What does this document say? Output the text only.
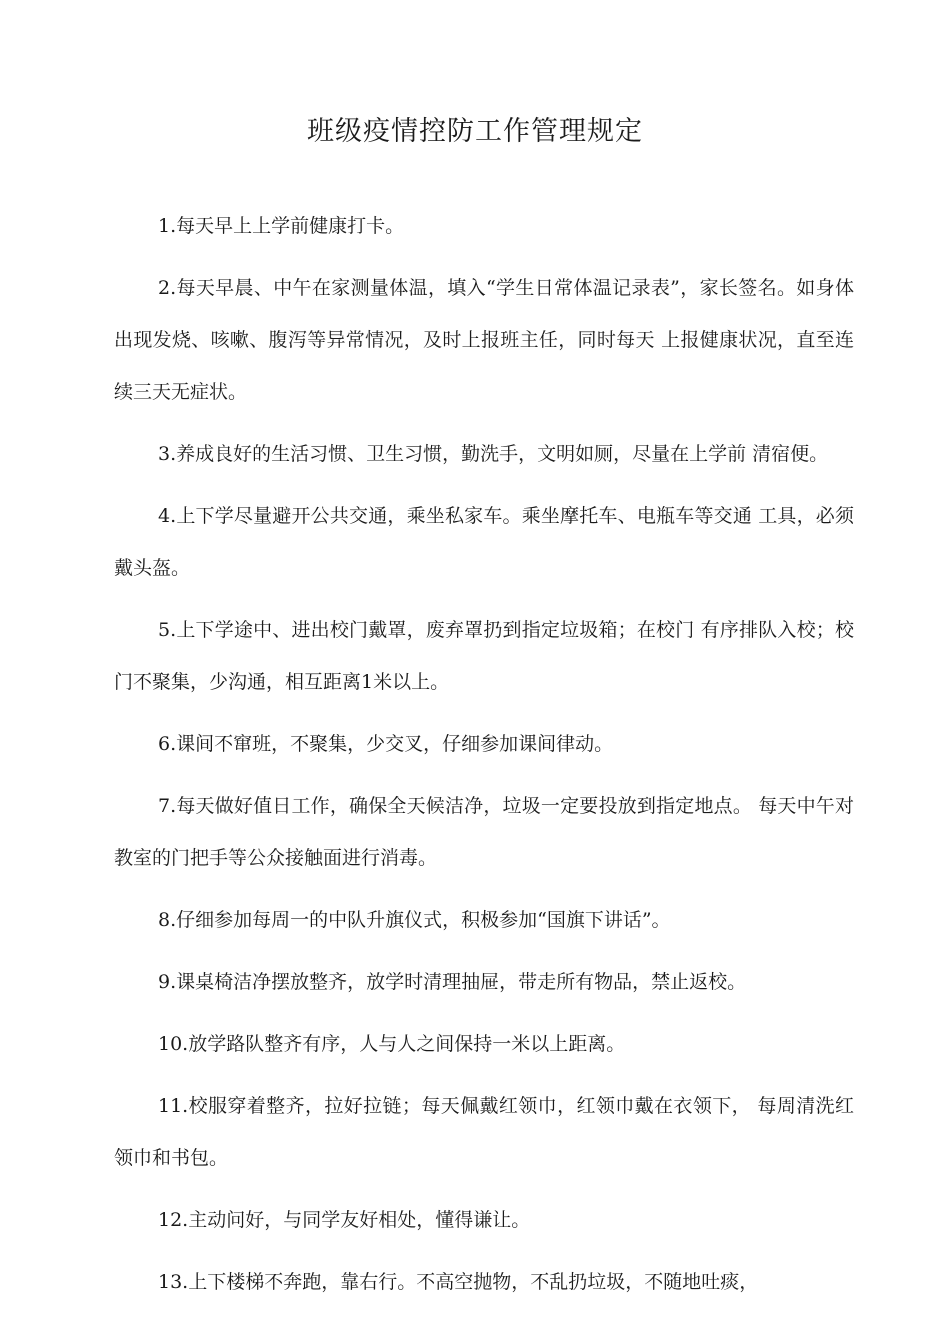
班级疫情控防工作管理规定

1.每天早上上学前健康打卡。

2.每天早晨、中午在家测量体温，填入“学生日常体温记录表”，家长签名。如身体出现发烧、咳嗽、腹泻等异常情况，及时上报班主任，同时每天 上报健康状况，直至连续三天无症状。

3.养成良好的生活习惯、卫生习惯，勤洗手，文明如厕，尽量在上学前 清宿便。

4.上下学尽量避开公共交通，乘坐私家车。乘坐摩托车、电瓶车等交通 工具，必须戴头盔。

5.上下学途中、进出校门戴罩，废弃罩扔到指定垃圾箱；在校门 有序排队入校；校门不聚集，少沟通，相互距离1米以上。

6.课间不窜班，不聚集，少交叉，仔细参加课间律动。

7.每天做好值日工作，确保全天候洁净，垃圾一定要投放到指定地点。 每天中午对教室的门把手等公众接触面进行消毒。

8.仔细参加每周一的中队升旗仪式，积极参加“国旗下讲话”。

9.课桌椅洁净摆放整齐，放学时清理抽屉，带走所有物品，禁止返校。

10.放学路队整齐有序，人与人之间保持一米以上距离。

11.校服穿着整齐，拉好拉链；每天佩戴红领巾，红领巾戴在衣领下， 每周清洗红领巾和书包。

12.主动问好，与同学友好相处，懂得谦让。

13.上下楼梯不奔跑，靠右行。不高空抛物，不乱扔垃圾，不随地吐痰，
